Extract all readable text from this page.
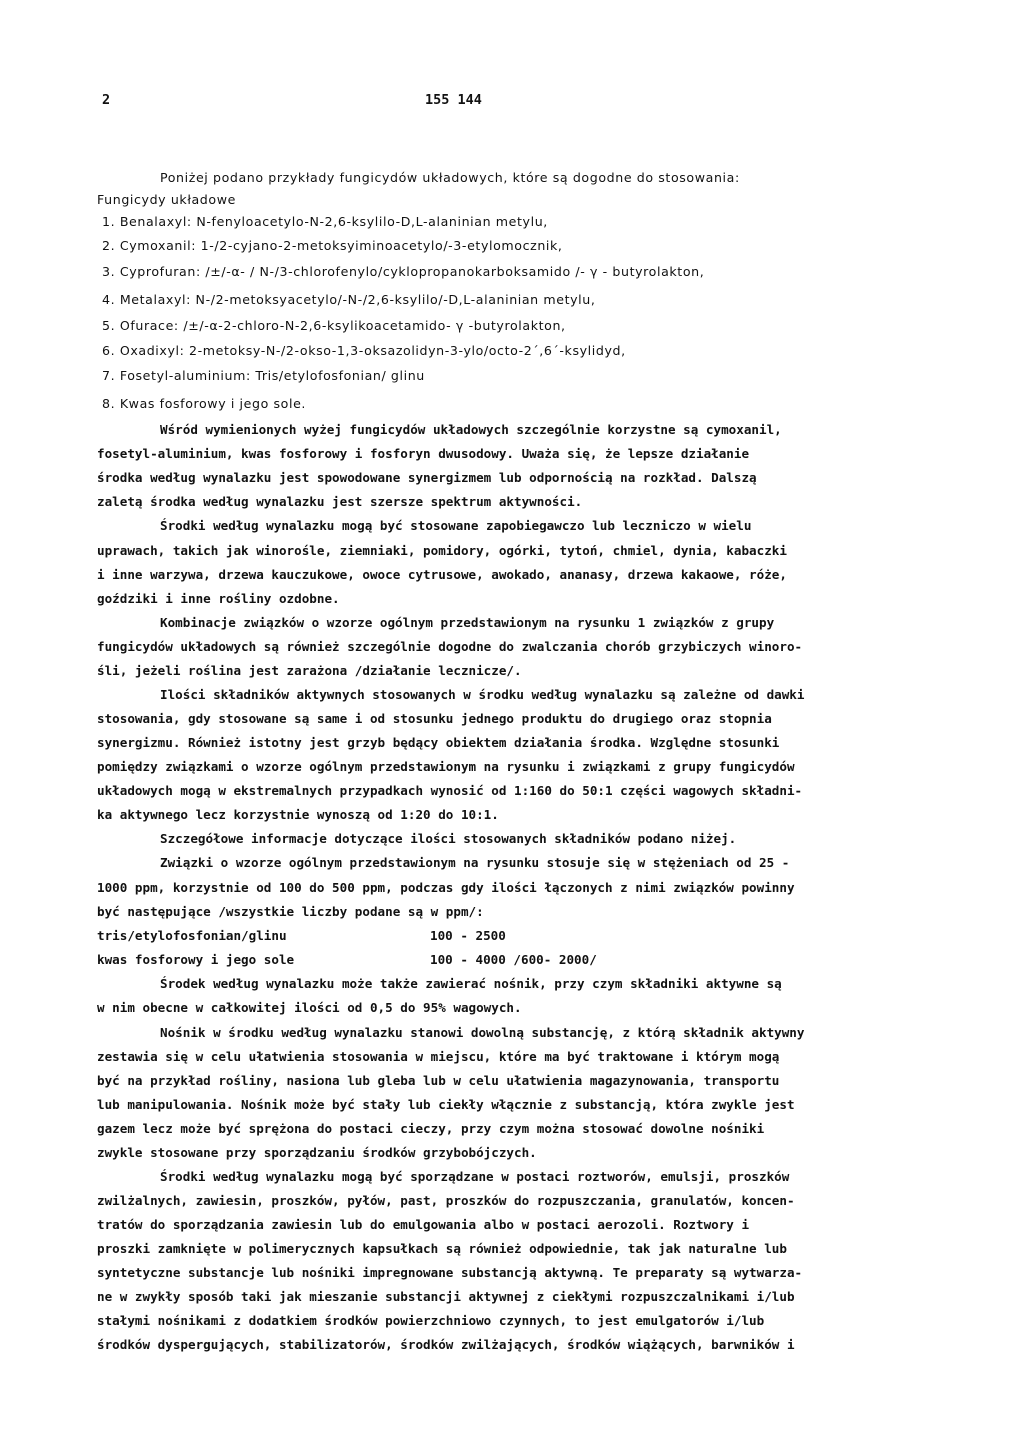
2	155 144
Poniżej podano przykłady fungicydów układowych, które są dogodne do stosowania:
Fungicydy układowe
1. Benalaxyl: N-fenyloacetylo-N-2,6-ksylilo-D,L-alaninian metylu,
2. Cymoxanil: 1-/2-cyjano-2-metoksyiminoacetylo/-3-etylomocznik,
3. Cyprofuran: /±/-α- / N-/3-chlorofenylo/cyklopropanokarboksamido /- γ - butyrolakton,
4. Metalaxyl: N-/2-metoksyacetylo/-N-/2,6-ksylilo/-D,L-alaninian metylu,
5. Ofurace: /±/-α-2-chloro-N-2,6-ksylikoacetamido- γ -butyrolakton,
6. Oxadixyl: 2-metoksy-N-/2-okso-1,3-oksazolidyn-3-ylo/octo-2´,6´-ksylidyd,
7. Fosetyl-aluminium: Tris/etylofosfonian/ glinu
8. Kwas fosforowy i jego sole.
Wśród wymienionych wyżej fungicydów układowych szczególnie korzystne są cymoxanil,
fosetyl-aluminium, kwas fosforowy i fosforyn dwusodowy. Uważa się, że lepsze działanie
środka według wynalazku jest spowodowane synergizmem lub odpornością na rozkład. Dalszą
zaletą środka według wynalazku jest szersze spektrum aktywności.
Środki według wynalazku mogą być stosowane zapobiegawczo lub leczniczo w wielu
uprawach, takich jak winorośle, ziemniaki, pomidory, ogórki, tytoń, chmiel, dynia, kabaczki
i inne warzywa, drzewa kauczukowe, owoce cytrusowe, awokado, ananasy, drzewa kakaowe, róże,
goździki i inne rośliny ozdobne.
Kombinacje związków o wzorze ogólnym przedstawionym na rysunku 1 związków z grupy
fungicydów układowych są również szczególnie dogodne do zwalczania chorób grzybiczych winoro-
śli, jeżeli roślina jest zarażona /działanie lecznicze/.
Ilości składników aktywnych stosowanych w środku według wynalazku są zależne od dawki
stosowania, gdy stosowane są same i od stosunku jednego produktu do drugiego oraz stopnia
synergizmu. Również istotny jest grzyb będący obiektem działania środka. Względne stosunki
pomiędzy związkami o wzorze ogólnym przedstawionym na rysunku i związkami z grupy fungicydów
układowych mogą w ekstremalnych przypadkach wynosić od 1:160 do 50:1 części wagowych składni-
ka aktywnego lecz korzystnie wynoszą od 1:20 do 10:1.
Szczegółowe informacje dotyczące ilości stosowanych składników podano niżej.
Związki o wzorze ogólnym przedstawionym na rysunku stosuje się w stężeniach od 25 -
1000 ppm, korzystnie od 100 do 500 ppm, podczas gdy ilości łączonych z nimi związków powinny
być następujące /wszystkie liczby podane są w ppm/:
tris/etylofosfonian/glinu	100 - 2500
kwas fosforowy i jego sole	100 - 4000 /600- 2000/
Środek według wynalazku może także zawierać nośnik, przy czym składniki aktywne są
w nim obecne w całkowitej ilości od 0,5 do 95% wagowych.
Nośnik w środku według wynalazku stanowi dowolną substancję, z którą składnik aktywny
zestawia się w celu ułatwienia stosowania w miejscu, które ma być traktowane i którym mogą
być na przykład rośliny, nasiona lub gleba lub w celu ułatwienia magazynowania, transportu
lub manipulowania. Nośnik może być stały lub ciekły włącznie z substancją, która zwykle jest
gazem lecz może być sprężona do postaci cieczy, przy czym można stosować dowolne nośniki
zwykle stosowane przy sporządzaniu środków grzybobójczych.
Środki według wynalazku mogą być sporządzane w postaci roztworów, emulsji, proszków
zwilżalnych, zawiesin, proszków, pyłów, past, proszków do rozpuszczania, granulatów, koncen-
tratów do sporządzania zawiesin lub do emulgowania albo w postaci aerozoli. Roztwory i
proszki zamknięte w polimerycznych kapsułkach są również odpowiednie, tak jak naturalne lub
syntetyczne substancje lub nośniki impregnowane substancją aktywną. Te preparaty są wytwarza-
ne w zwykły sposób taki jak mieszanie substancji aktywnej z ciekłymi rozpuszczalnikami i/lub
stałymi nośnikami z dodatkiem środków powierzchniowo czynnych, to jest emulgatorów i/lub
środków dyspergujących, stabilizatorów, środków zwilżających, środków wiążących, barwników i
